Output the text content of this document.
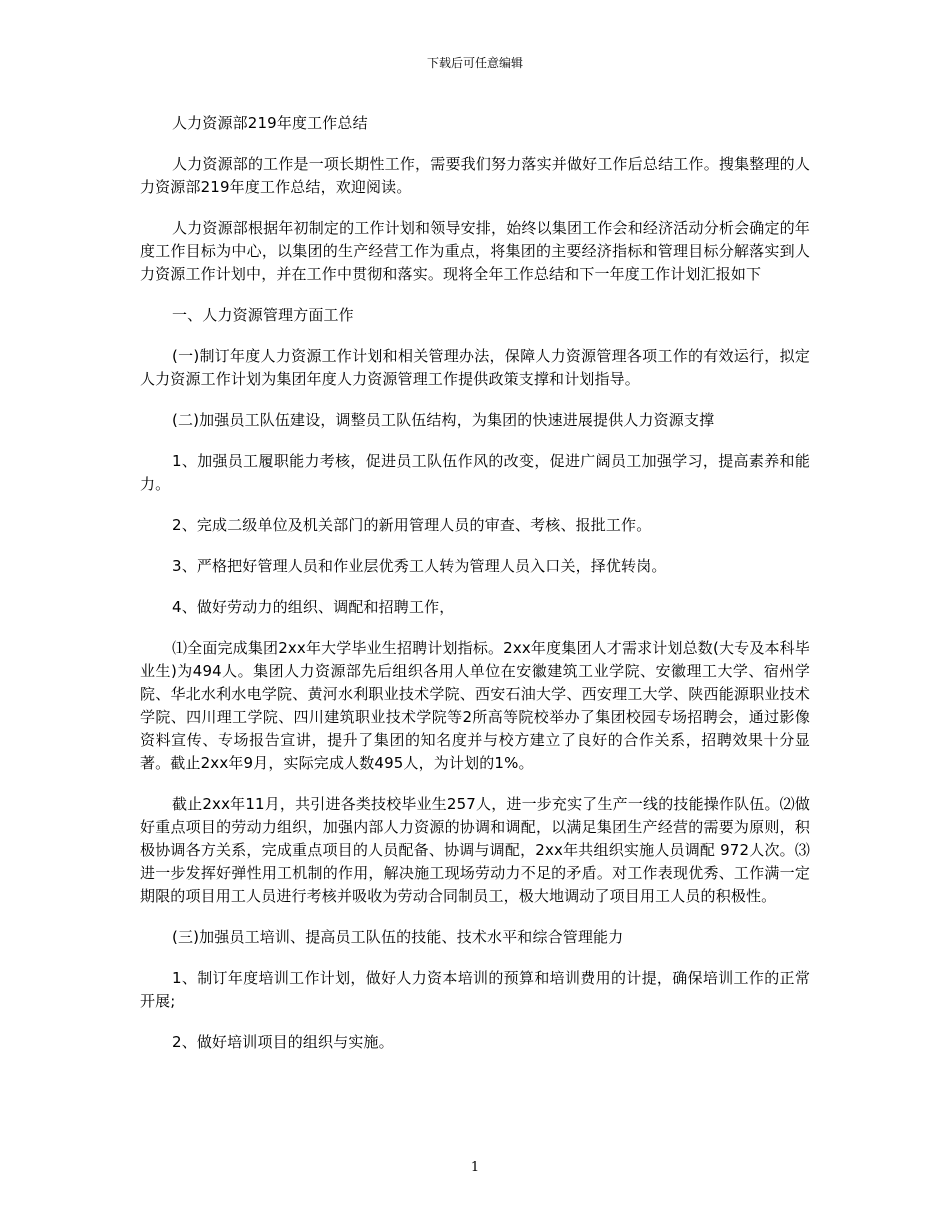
下载后可任意编辑

人力资源部219年度工作总结

人力资源部的工作是一项长期性工作，需要我们努力落实并做好工作后总结工作。搜集整理的人力资源部219年度工作总结，欢迎阅读。

人力资源部根据年初制定的工作计划和领导安排，始终以集团工作会和经济活动分析会确定的年度工作目标为中心，以集团的生产经营工作为重点，将集团的主要经济指标和管理目标分解落实到人力资源工作计划中，并在工作中贯彻和落实。现将全年工作总结和下一年度工作计划汇报如下

一、人力资源管理方面工作

(一)制订年度人力资源工作计划和相关管理办法，保障人力资源管理各项工作的有效运行，拟定人力资源工作计划为集团年度人力资源管理工作提供政策支撑和计划指导。

(二)加强员工队伍建设，调整员工队伍结构，为集团的快速进展提供人力资源支撑

1、加强员工履职能力考核，促进员工队伍作风的改变，促进广阔员工加强学习，提高素养和能力。

2、完成二级单位及机关部门的新用管理人员的审查、考核、报批工作。

3、严格把好管理人员和作业层优秀工人转为管理人员入口关，择优转岗。

4、做好劳动力的组织、调配和招聘工作，

⑴全面完成集团2xx年大学毕业生招聘计划指标。2xx年度集团人才需求计划总数(大专及本科毕业生)为494人。集团人力资源部先后组织各用人单位在安徽建筑工业学院、安徽理工大学、宿州学院、华北水利水电学院、黄河水利职业技术学院、西安石油大学、西安理工大学、陕西能源职业技术学院、四川理工学院、四川建筑职业技术学院等2所高等院校举办了集团校园专场招聘会，通过影像资料宣传、专场报告宣讲，提升了集团的知名度并与校方建立了良好的合作关系，招聘效果十分显著。截止2xx年9月，实际完成人数495人，为计划的1%。

截止2xx年11月，共引进各类技校毕业生257人，进一步充实了生产一线的技能操作队伍。⑵做好重点项目的劳动力组织，加强内部人力资源的协调和调配，以满足集团生产经营的需要为原则，积极协调各方关系，完成重点项目的人员配备、协调与调配，2xx年共组织实施人员调配 972人次。⑶进一步发挥好弹性用工机制的作用，解决施工现场劳动力不足的矛盾。对工作表现优秀、工作满一定期限的项目用工人员进行考核并吸收为劳动合同制员工，极大地调动了项目用工人员的积极性。

(三)加强员工培训、提高员工队伍的技能、技术水平和综合管理能力

1、制订年度培训工作计划，做好人力资本培训的预算和培训费用的计提，确保培训工作的正常开展;

2、做好培训项目的组织与实施。

1
